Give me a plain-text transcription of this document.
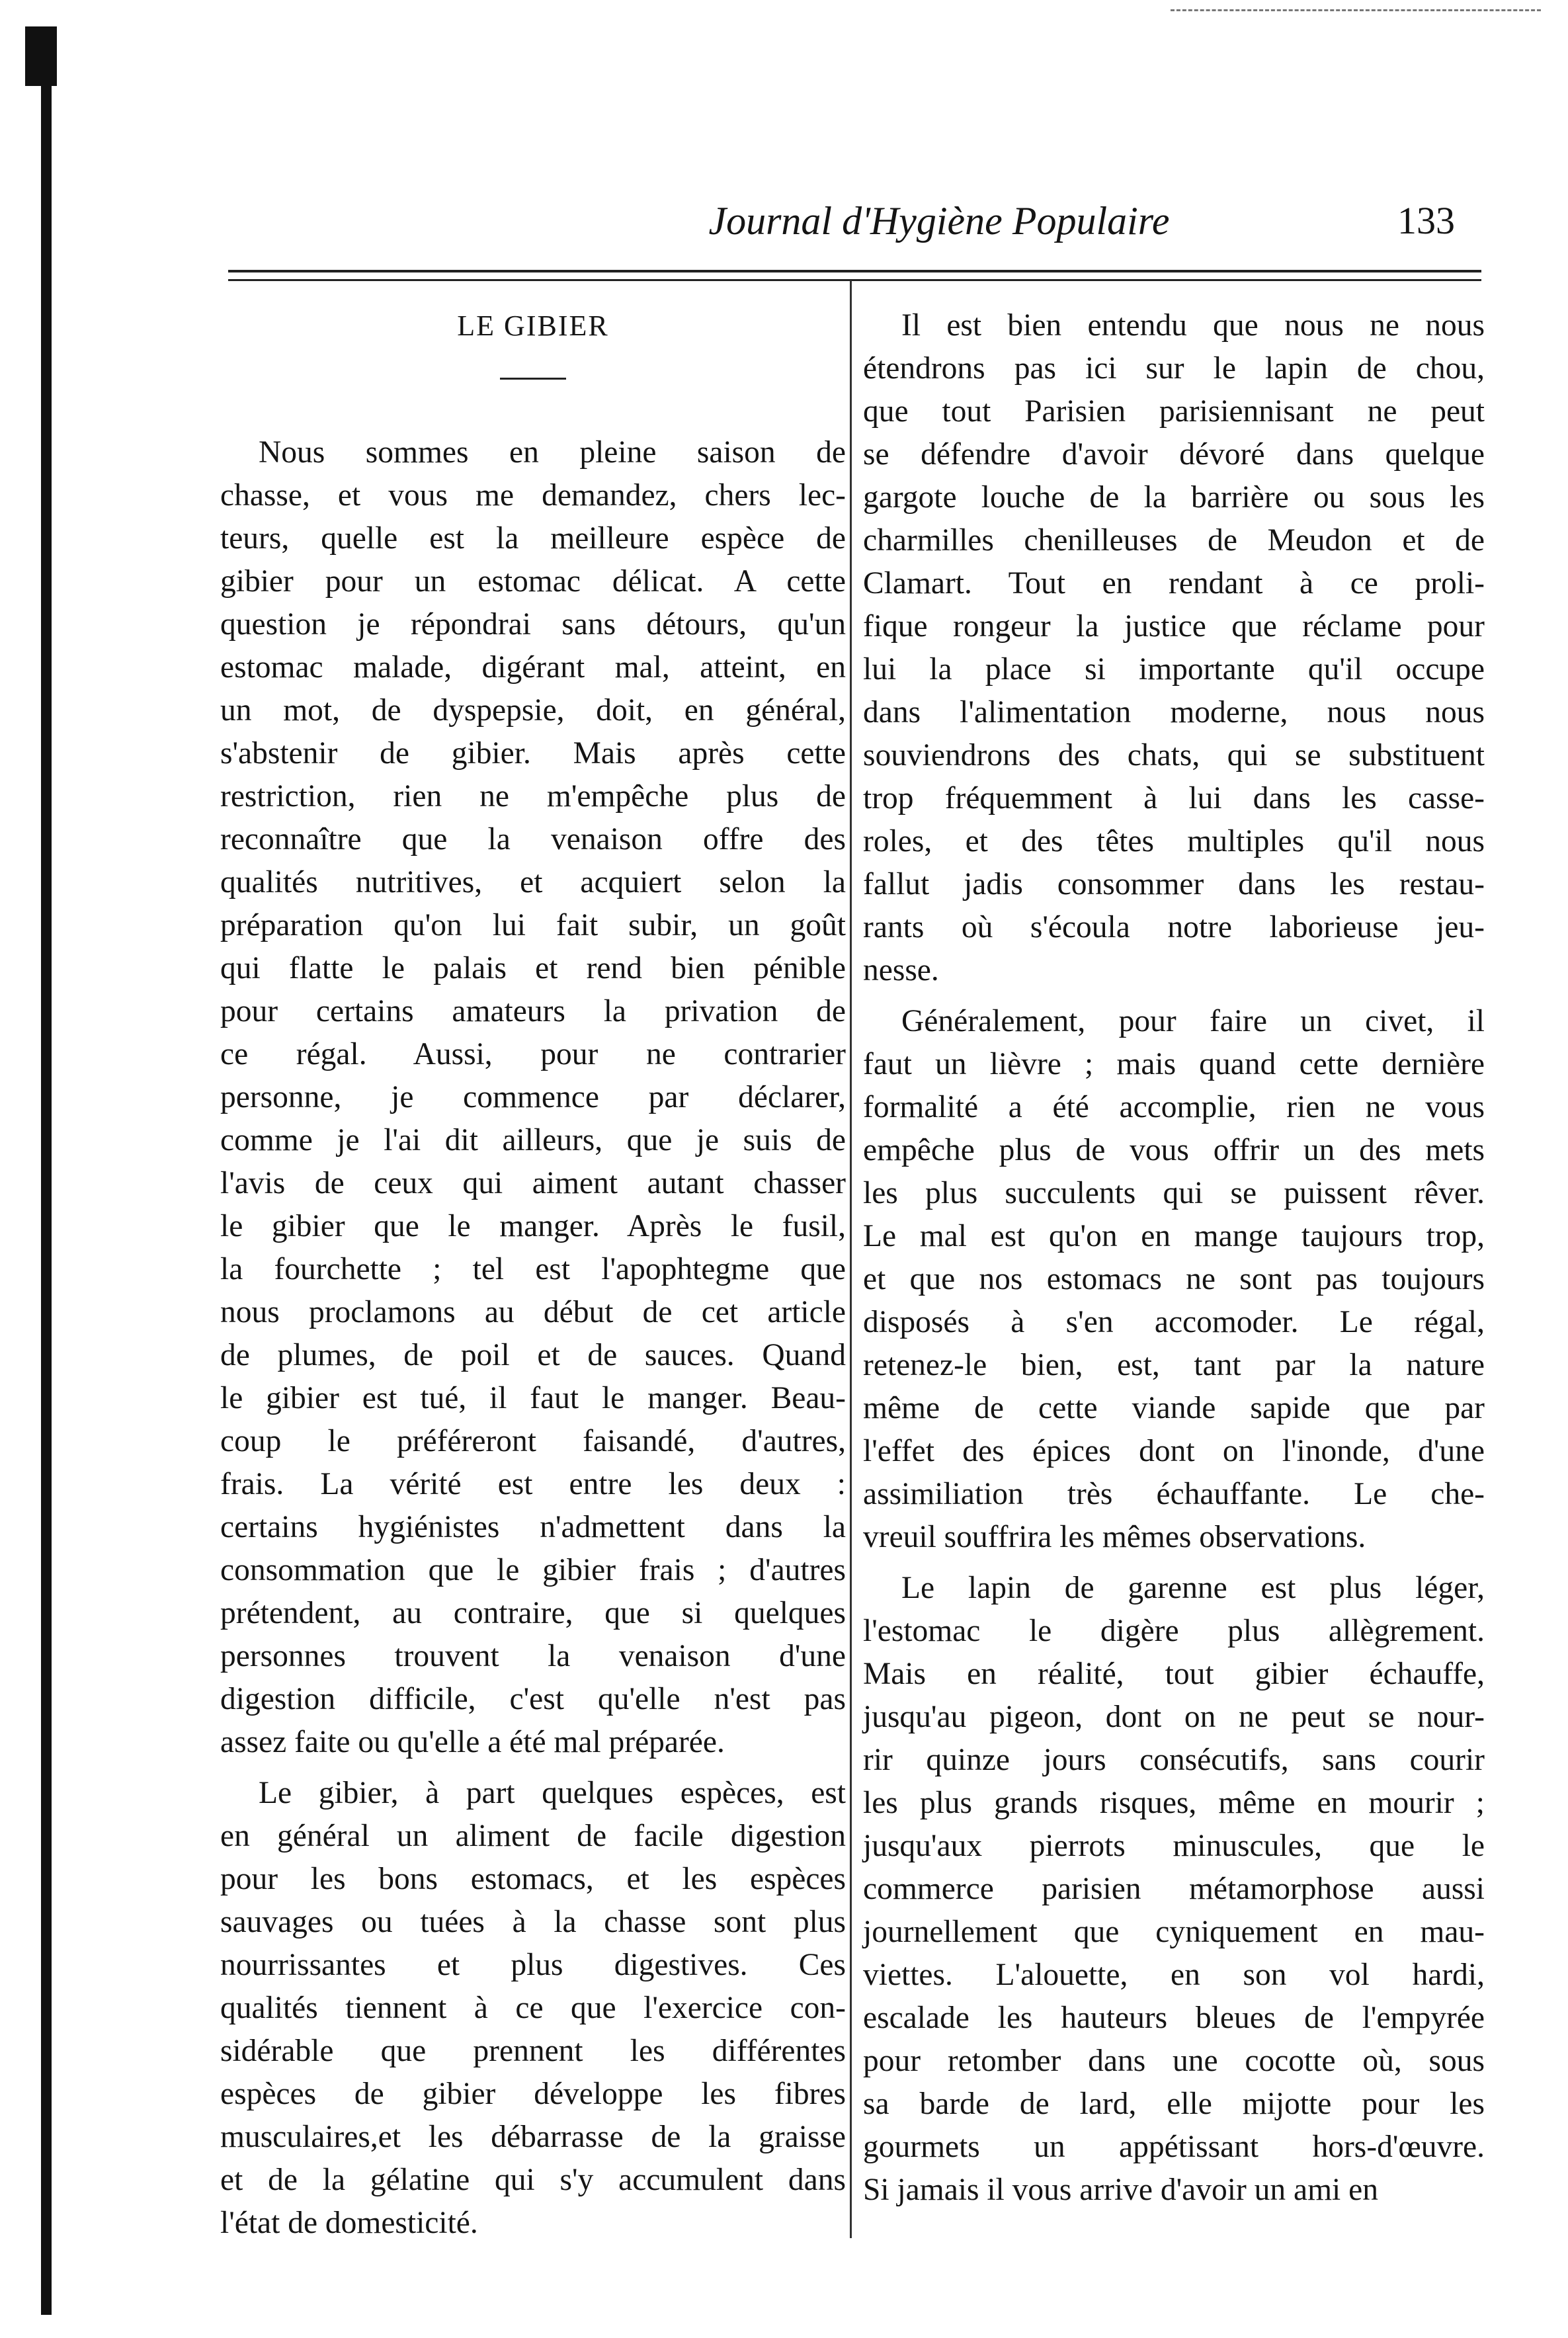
Journal d'Hygiène Populaire	133
LE GIBIER
Nous sommes en pleine saison de
chasse, et vous me demandez, chers lec-
teurs, quelle est la meilleure espèce de
gibier pour un estomac délicat. A cette
question je répondrai sans détours, qu'un
estomac malade, digérant mal, atteint, en
un mot, de dyspepsie, doit, en général,
s'abstenir de gibier. Mais après cette
restriction, rien ne m'empêche plus de
reconnaître que la venaison offre des
qualités nutritives, et acquiert selon la
préparation qu'on lui fait subir, un goût
qui flatte le palais et rend bien pénible
pour certains amateurs la privation de
ce régal. Aussi, pour ne contrarier
personne, je commence par déclarer,
comme je l'ai dit ailleurs, que je suis de
l'avis de ceux qui aiment autant chasser
le gibier que le manger. Après le fusil,
la fourchette ; tel est l'apophtegme que
nous proclamons au début de cet article
de plumes, de poil et de sauces. Quand
le gibier est tué, il faut le manger. Beau-
coup le préféreront faisandé, d'autres,
frais. La vérité est entre les deux :
certains hygiénistes n'admettent dans la
consommation que le gibier frais ; d'autres
prétendent, au contraire, que si quelques
personnes trouvent la venaison d'une
digestion difficile, c'est qu'elle n'est pas
assez faite ou qu'elle a été mal préparée.
Le gibier, à part quelques espèces, est
en général un aliment de facile digestion
pour les bons estomacs, et les espèces
sauvages ou tuées à la chasse sont plus
nourrissantes et plus digestives. Ces
qualités tiennent à ce que l'exercice con-
sidérable que prennent les différentes
espèces de gibier développe les fibres
musculaires,et les débarrasse de la graisse
et de la gélatine qui s'y accumulent dans
l'état de domesticité.
Il est bien entendu que nous ne nous
étendrons pas ici sur le lapin de chou,
que tout Parisien parisiennisant ne peut
se défendre d'avoir dévoré dans quelque
gargote louche de la barrière ou sous les
charmilles chenilleuses de Meudon et de
Clamart. Tout en rendant à ce proli-
fique rongeur la justice que réclame pour
lui la place si importante qu'il occupe
dans l'alimentation moderne, nous nous
souviendrons des chats, qui se substituent
trop fréquemment à lui dans les casse-
roles, et des têtes multiples qu'il nous
fallut jadis consommer dans les restau-
rants où s'écoula notre laborieuse jeu-
nesse.
Généralement, pour faire un civet, il
faut un lièvre ; mais quand cette dernière
formalité a été accomplie, rien ne vous
empêche plus de vous offrir un des mets
les plus succulents qui se puissent rêver.
Le mal est qu'on en mange taujours trop,
et que nos estomacs ne sont pas toujours
disposés à s'en accomoder. Le régal,
retenez-le bien, est, tant par la nature
même de cette viande sapide que par
l'effet des épices dont on l'inonde, d'une
assimiliation très échauffante. Le che-
vreuil souffrira les mêmes observations.
Le lapin de garenne est plus léger,
l'estomac le digère plus allègrement.
Mais en réalité, tout gibier échauffe,
jusqu'au pigeon, dont on ne peut se nour-
rir quinze jours consécutifs, sans courir
les plus grands risques, même en mourir ;
jusqu'aux pierrots minuscules, que le
commerce parisien métamorphose aussi
journellement que cyniquement en mau-
viettes. L'alouette, en son vol hardi,
escalade les hauteurs bleues de l'empyrée
pour retomber dans une cocotte où, sous
sa barde de lard, elle mijotte pour les
gourmets un appétissant hors-d'œuvre.
Si jamais il vous arrive d'avoir un ami en
